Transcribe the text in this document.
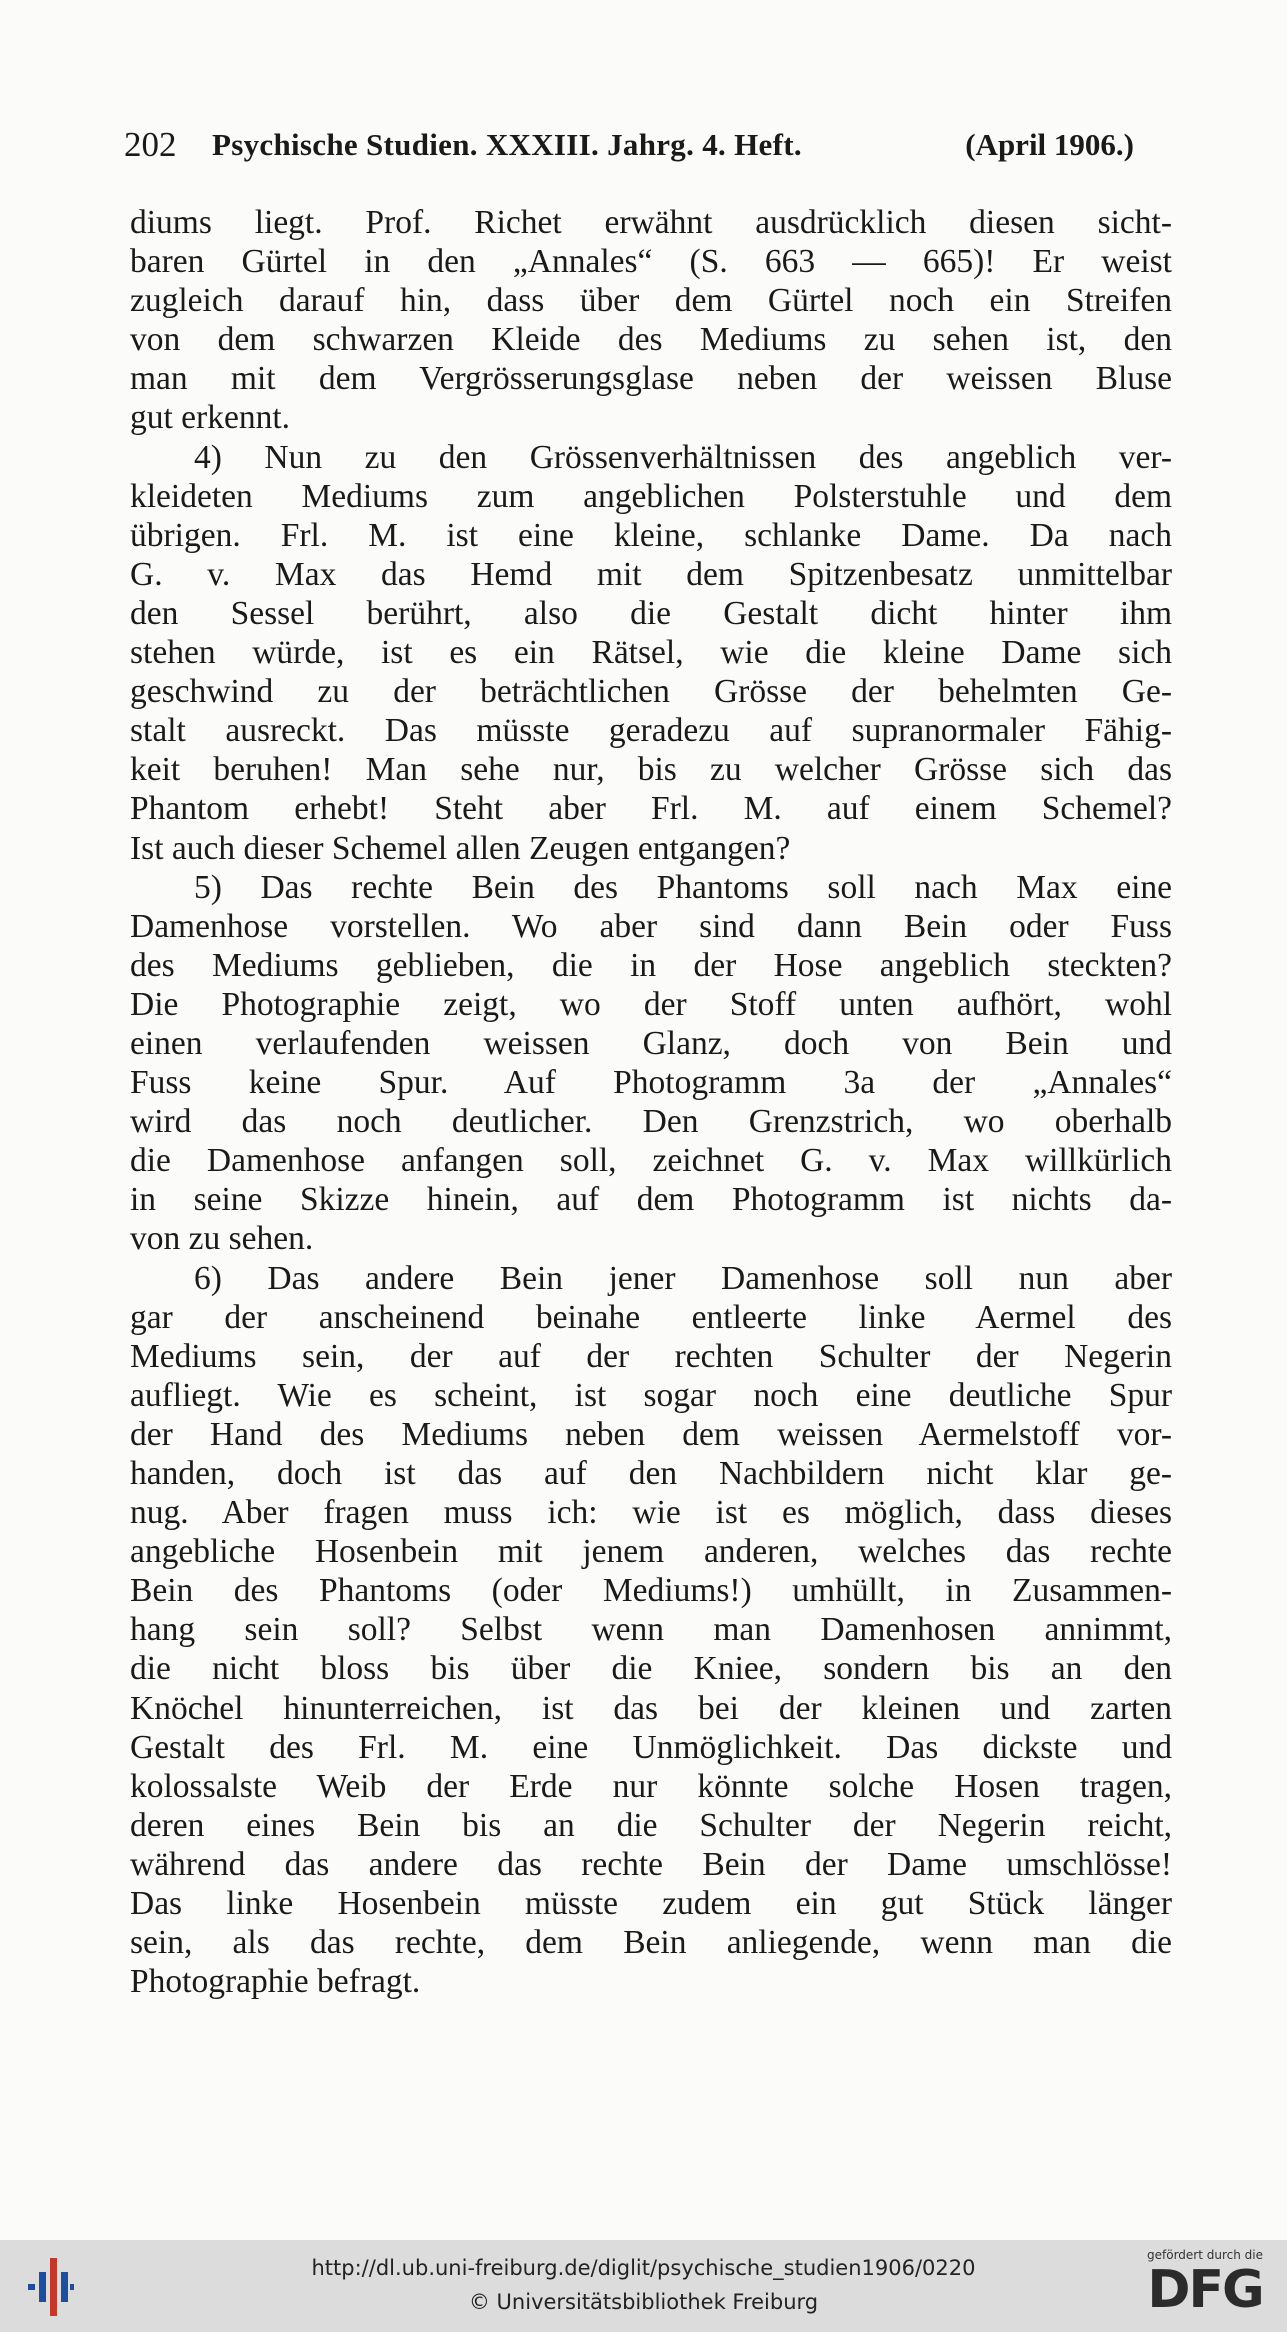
202 Psychische Studien. XXXIII. Jahrg. 4. Heft.	(April 1906.)
diums liegt. Prof. Richet erwähnt ausdrücklich diesen sicht-
baren Gürtel in den „Annales“ (S. 663 — 665)! Er weist
zugleich darauf hin, dass über dem Gürtel noch ein Streifen
von dem schwarzen Kleide des Mediums zu sehen ist, den
man mit dem Vergrösserungsglase neben der weissen Bluse
gut erkennt.
4) Nun zu den Grössenverhältnissen des angeblich ver-
kleideten Mediums zum angeblichen Polsterstuhle und dem
übrigen. Frl. M. ist eine kleine, schlanke Dame. Da nach
G. v. Max das Hemd mit dem Spitzenbesatz unmittelbar
den Sessel berührt, also die Gestalt dicht hinter ihm
stehen würde, ist es ein Rätsel, wie die kleine Dame sich
geschwind zu der beträchtlichen Grösse der behelmten Ge-
stalt ausreckt. Das müsste geradezu auf supranormaler Fähig-
keit beruhen! Man sehe nur, bis zu welcher Grösse sich das
Phantom erhebt! Steht aber Frl. M. auf einem Schemel?
Ist auch dieser Schemel allen Zeugen entgangen?
5) Das rechte Bein des Phantoms soll nach Max eine
Damenhose vorstellen. Wo aber sind dann Bein oder Fuss
des Mediums geblieben, die in der Hose angeblich steckten?
Die Photographie zeigt, wo der Stoff unten aufhört, wohl
einen verlaufenden weissen Glanz, doch von Bein und
Fuss keine Spur. Auf Photogramm 3a der „Annales“
wird das noch deutlicher. Den Grenzstrich, wo oberhalb
die Damenhose anfangen soll, zeichnet G. v. Max willkürlich
in seine Skizze hinein, auf dem Photogramm ist nichts da-
von zu sehen.
6) Das andere Bein jener Damenhose soll nun aber
gar der anscheinend beinahe entleerte linke Aermel des
Mediums sein, der auf der rechten Schulter der Negerin
aufliegt. Wie es scheint, ist sogar noch eine deutliche Spur
der Hand des Mediums neben dem weissen Aermelstoff vor-
handen, doch ist das auf den Nachbildern nicht klar ge-
nug. Aber fragen muss ich: wie ist es möglich, dass dieses
angebliche Hosenbein mit jenem anderen, welches das rechte
Bein des Phantoms (oder Mediums!) umhüllt, in Zusammen-
hang sein soll? Selbst wenn man Damenhosen annimmt,
die nicht bloss bis über die Kniee, sondern bis an den
Knöchel hinunterreichen, ist das bei der kleinen und zarten
Gestalt des Frl. M. eine Unmöglichkeit. Das dickste und
kolossalste Weib der Erde nur könnte solche Hosen tragen,
deren eines Bein bis an die Schulter der Negerin reicht,
während das andere das rechte Bein der Dame umschlösse!
Das linke Hosenbein müsste zudem ein gut Stück länger
sein, als das rechte, dem Bein anliegende, wenn man die
Photographie befragt.
http://dl.ub.uni-freiburg.de/diglit/psychische_studien1906/0220
© Universitätsbibliothek Freiburg
gefördert durch die
DFG
